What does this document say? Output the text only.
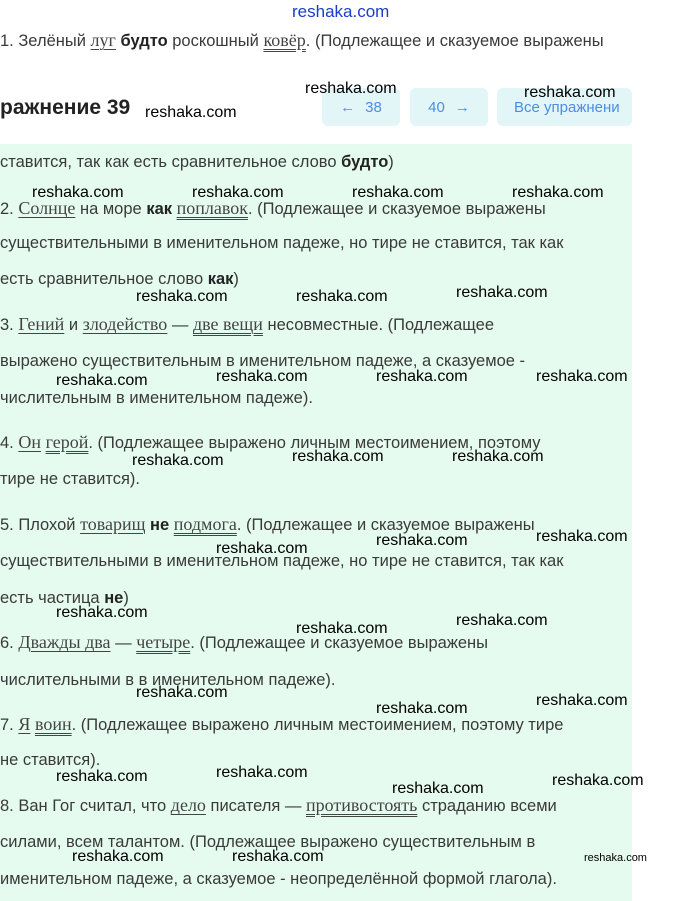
reshaka.com
1. Зелёный луг будто роскошный ковёр. (Подлежащее и сказуемое выражены
ражнение 39	← 38	40 →	Все упражнени
ставится, так как есть сравнительное слово будто)
2. Солнце на море как поплавок. (Подлежащее и сказуемое выражены
существительными в именительном падеже, но тире не ставится, так как
есть сравнительное слово как)
3. Гений и злодейство — две вещи несовместные. (Подлежащее
выражено существительным в именительном падеже, а сказуемое -
числительным в именительном падеже).
4. Он герой. (Подлежащее выражено личным местоимением, поэтому
тире не ставится).
5. Плохой товарищ не подмога. (Подлежащее и сказуемое выражены
существительными в именительном падеже, но тире не ставится, так как
есть частица не)
6. Дважды два — четыре. (Подлежащее и сказуемое выражены
числительными в в именительном падеже).
7. Я воин. (Подлежащее выражено личным местоимением, поэтому тире
не ставится).
8. Ван Гог считал, что дело писателя — противостоять страданию всеми
силами, всем талантом. (Подлежащее выражено существительным в
именительном падеже, а сказуемое - неопределённой формой глагола).
reshaka.com
reshaka.com
reshaka.com
reshaka.com	reshaka.com	reshaka.com	reshaka.com
reshaka.com	reshaka.com	reshaka.com
reshaka.com	reshaka.com	reshaka.com	reshaka.com
reshaka.com	reshaka.com	reshaka.com
reshaka.com	reshaka.com	reshaka.com
reshaka.com
reshaka.com	reshaka.com
reshaka.com
reshaka.com	reshaka.com
reshaka.com	reshaka.com
reshaka.com	reshaka.com
reshaka.com	reshaka.com	reshaka.com
